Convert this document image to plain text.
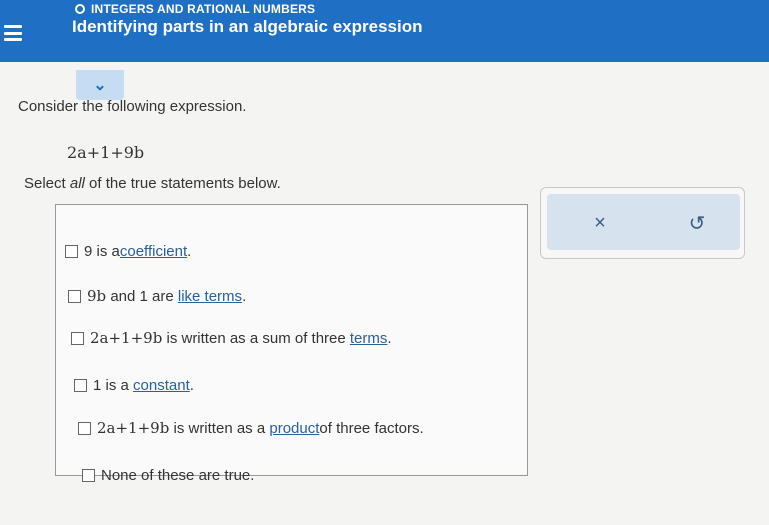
INTEGERS AND RATIONAL NUMBERS
Identifying parts in an algebraic expression
⌄
Consider the following expression.
2a+1+9b
Select all of the true statements below.
9 is a coefficient .
9b and 1 are like terms .
2a+1+9b is written as a sum of three terms .
1 is a constant .
2a+1+9b is written as a product of three factors.
None of these are true.
×	↺
